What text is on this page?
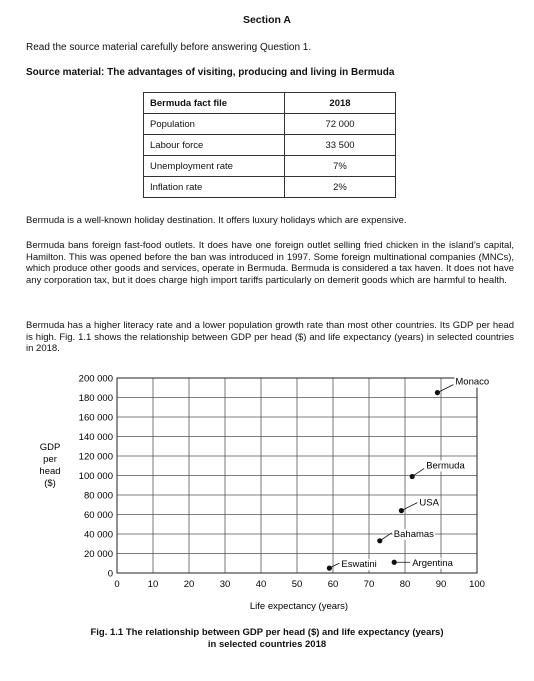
Section A
Read the source material carefully before answering Question 1.
Source material: The advantages of visiting, producing and living in Bermuda
Bermuda fact file	2018
Population	72 000
Labour force	33 500
Unemployment rate	7%
Inflation rate	2%

Bermuda is a well-known holiday destination. It offers luxury holidays which are expensive.

Bermuda bans foreign fast-food outlets. It does have one foreign outlet selling fried chicken in the island’s capital, Hamilton. This was opened before the ban was introduced in 1997. Some foreign multinational companies (MNCs), which produce other goods and services, operate in Bermuda. Bermuda is considered a tax haven. It does not have any corporation tax, but it does charge high import tariffs particularly on demerit goods which are harmful to health.

Bermuda has a higher literacy rate and a lower population growth rate than most other countries. Its GDP per head is high. Fig. 1.1 shows the relationship between GDP per head ($) and life expectancy (years) in selected countries in 2018.

0	10	20	30	40	50	60	70	80	90 100
0
20 000
40 000
60 000
80 000
100 000
120 000
140 000
160 000
180 000
200 000
Life expectancy (years)
GDP
per
head
($)
Monaco
Bermuda
USA
Bahamas
Eswatini	Argentina
Fig. 1.1 The relationship between GDP per head ($) and life expectancy (years)
in selected countries 2018
